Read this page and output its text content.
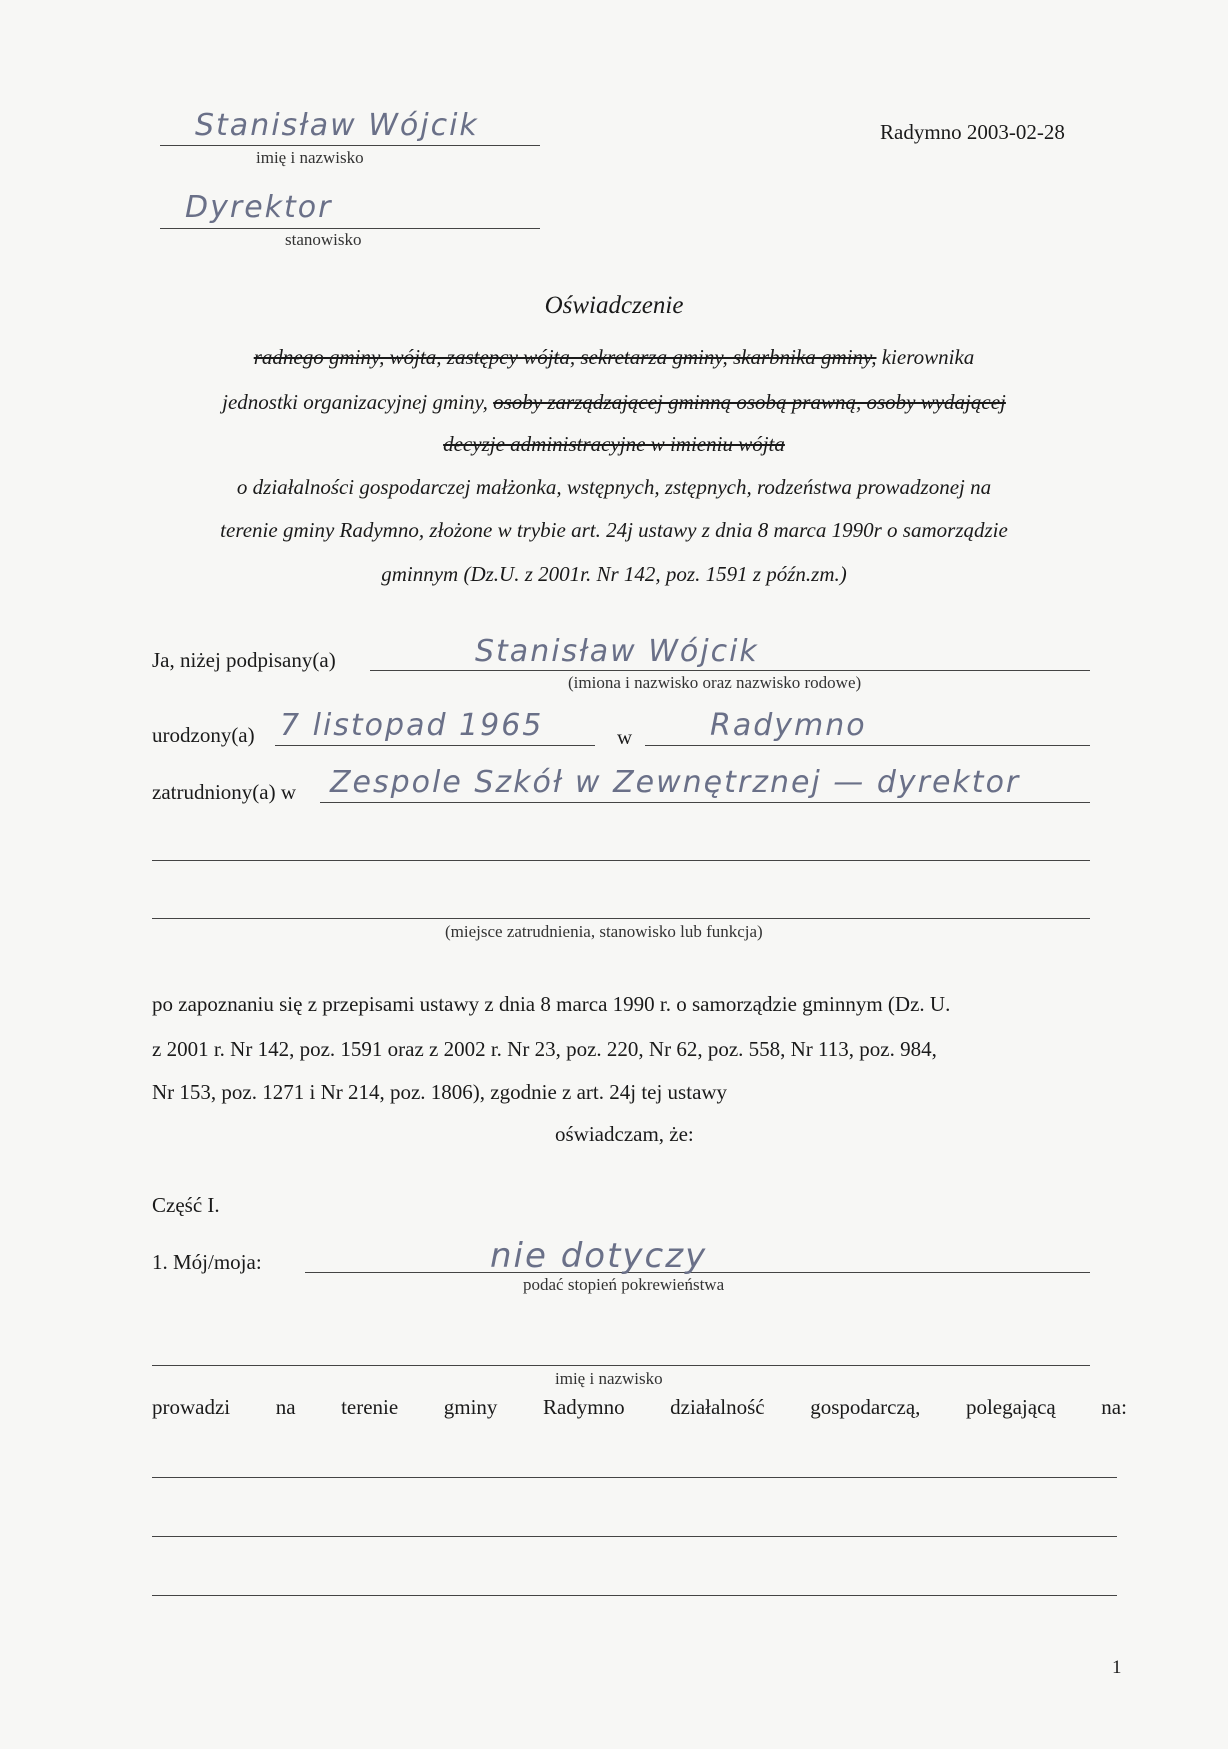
Stanisław Wójcik
imię i nazwisko
Radymno 2003-02-28
Dyrektor
stanowisko
Oświadczenie
radnego gminy, wójta, zastępcy wójta, sekretarza gminy, skarbnika gminy, kierownika
jednostki organizacyjnej gminy, osoby zarządzającej gminną osobą prawną, osoby wydającej
decyzje administracyjne w imieniu wójta
o działalności gospodarczej małżonka, wstępnych, zstępnych, rodzeństwa prowadzonej na
terenie gminy Radymno, złożone w trybie art. 24j ustawy z dnia 8 marca 1990r o samorządzie
gminnym (Dz.U. z 2001r. Nr 142, poz. 1591 z późn.zm.)
Ja, niżej podpisany(a)	Stanisław Wójcik
(imiona i nazwisko oraz nazwisko rodowe)
urodzony(a) 7 listopad 1965	w	Radymno
zatrudniony(a) w Zespole Szkół w Zewnętrznej — dyrektor
(miejsce zatrudnienia, stanowisko lub funkcja)
po zapoznaniu się z przepisami ustawy z dnia 8 marca 1990 r. o samorządzie gminnym (Dz. U.
z 2001 r. Nr 142, poz. 1591 oraz z 2002 r. Nr 23, poz. 220, Nr 62, poz. 558, Nr 113, poz. 984,
Nr 153, poz. 1271 i Nr 214, poz. 1806), zgodnie z art. 24j tej ustawy
oświadczam, że:
Część I.
1. Mój/moja:	nie dotyczy
podać stopień pokrewieństwa
imię i nazwisko
prowadzi na terenie gminy Radymno działalność gospodarczą, polegającą na:
1
